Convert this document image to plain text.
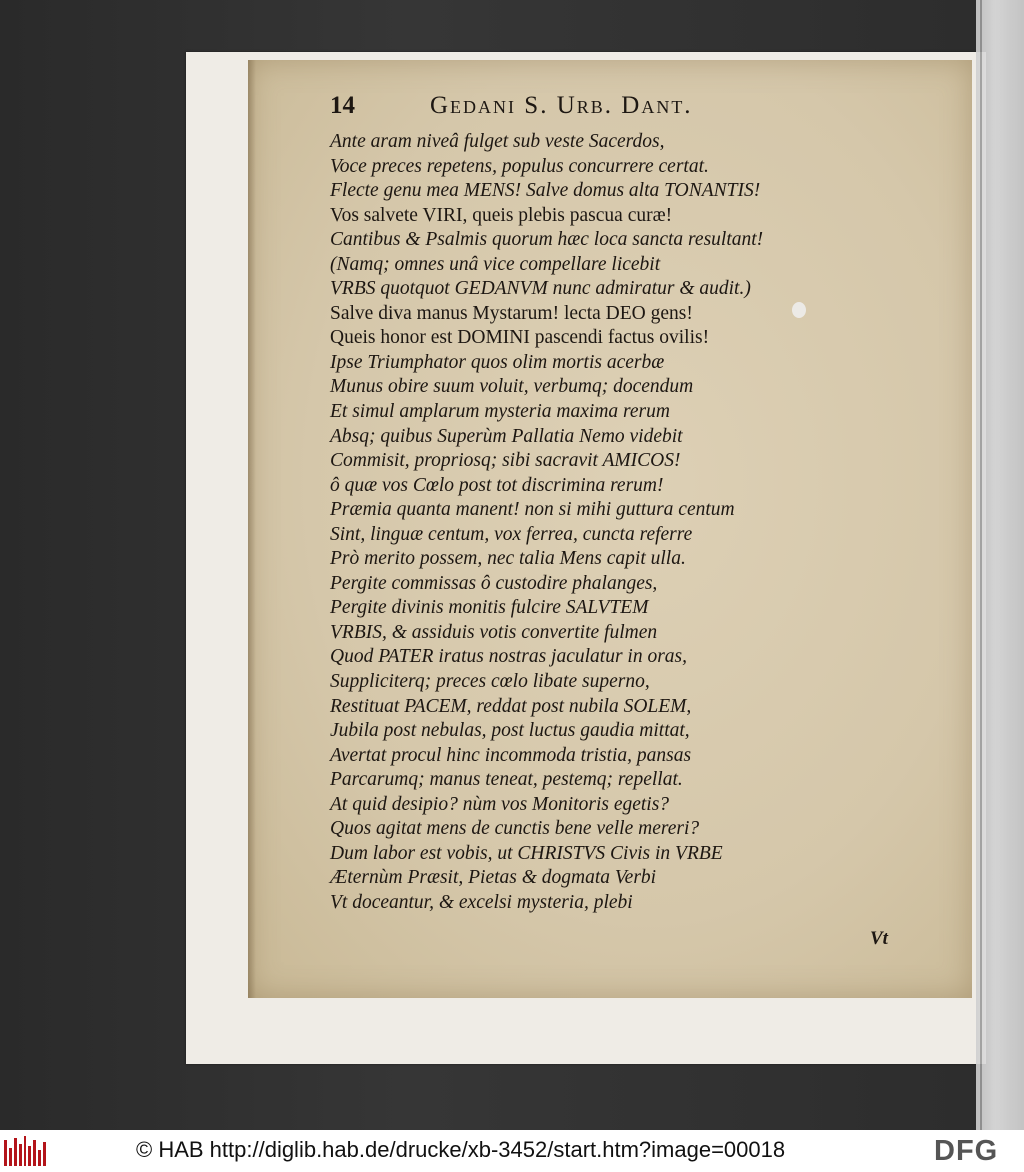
14	Gedani S. Urb. Dant.
Ante aram niveâ fulget sub veste Sacerdos,
Voce preces repetens, populus concurrere certat.
Flecte genu mea MENS! Salve domus alta TONANTIS!
Vos salvete VIRI, queis plebis pascua curæ!
Cantibus & Psalmis quorum hæc loca sancta resultant!
(Namq; omnes unâ vice compellare licebit
VRBS quotquot GEDANVM nunc admiratur & audit.)
Salve diva manus Mystarum! lecta DEO gens!
Queis honor est DOMINI pascendi factus ovilis!
Ipse Triumphator quos olim mortis acerbæ
Munus obire suum voluit, verbumq; docendum
Et simul amplarum mysteria maxima rerum
Absq; quibus Superùm Pallatia Nemo videbit
Commisit, propriosq; sibi sacravit AMICOS!
ô quæ vos Cœlo post tot discrimina rerum!
Præmia quanta manent! non si mihi guttura centum
Sint, linguæ centum, vox ferrea, cuncta referre
Prò merito possem, nec talia Mens capit ulla.
Pergite commissas ô custodire phalanges,
Pergite divinis monitis fulcire SALVTEM
VRBIS, & assiduis votis convertite fulmen
Quod PATER iratus nostras jaculatur in oras,
Suppliciterq; preces cœlo libate superno,
Restituat PACEM, reddat post nubila SOLEM,
Jubila post nebulas, post luctus gaudia mittat,
Avertat procul hinc incommoda tristia, pansas
Parcarumq; manus teneat, pestemq; repellat.
At quid desipio? nùm vos Monitoris egetis?
Quos agitat mens de cunctis bene velle mereri?
Dum labor est vobis, ut CHRISTVS Civis in VRBE
Æternùm Præsit, Pietas & dogmata Verbi
Vt doceantur, & excelsi mysteria, plebi
Vt
© HAB http://diglib.hab.de/drucke/xb-3452/start.htm?image=00018	DFG
